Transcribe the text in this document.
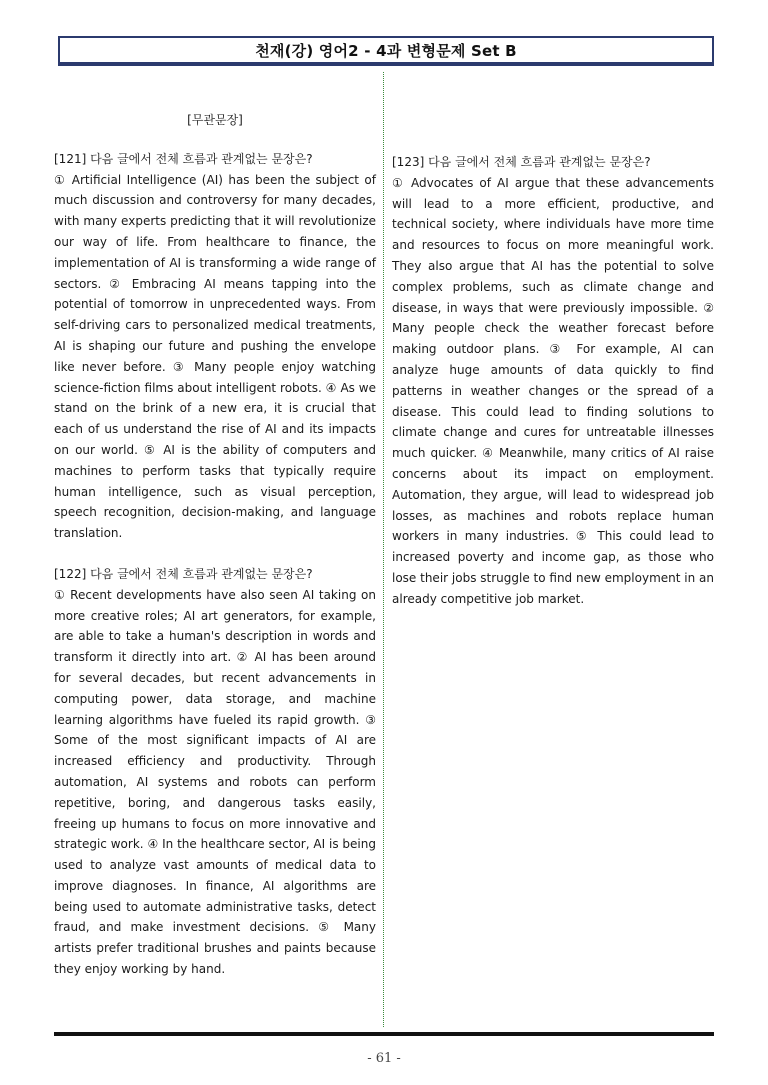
천재(강) 영어2 - 4과 변형문제 Set B
[무관문장]
[121] 다음 글에서 전체 흐름과 관계없는 문장은?
① Artificial Intelligence (AI) has been the subject of much discussion and controversy for many decades, with many experts predicting that it will revolutionize our way of life. From healthcare to finance, the implementation of AI is transforming a wide range of sectors. ② Embracing AI means tapping into the potential of tomorrow in unprecedented ways. From self-driving cars to personalized medical treatments, AI is shaping our future and pushing the envelope like never before. ③ Many people enjoy watching science-fiction films about intelligent robots. ④ As we stand on the brink of a new era, it is crucial that each of us understand the rise of AI and its impacts on our world. ⑤ AI is the ability of computers and machines to perform tasks that typically require human intelligence, such as visual perception, speech recognition, decision-making, and language translation.
[122] 다음 글에서 전체 흐름과 관계없는 문장은?
① Recent developments have also seen AI taking on more creative roles; AI art generators, for example, are able to take a human's description in words and transform it directly into art. ② AI has been around for several decades, but recent advancements in computing power, data storage, and machine learning algorithms have fueled its rapid growth. ③ Some of the most significant impacts of AI are increased efficiency and productivity. Through automation, AI systems and robots can perform repetitive, boring, and dangerous tasks easily, freeing up humans to focus on more innovative and strategic work. ④ In the healthcare sector, AI is being used to analyze vast amounts of medical data to improve diagnoses. In finance, AI algorithms are being used to automate administrative tasks, detect fraud, and make investment decisions. ⑤ Many artists prefer traditional brushes and paints because they enjoy working by hand.
[123] 다음 글에서 전체 흐름과 관계없는 문장은?
① Advocates of AI argue that these advancements will lead to a more efficient, productive, and technical society, where individuals have more time and resources to focus on more meaningful work. They also argue that AI has the potential to solve complex problems, such as climate change and disease, in ways that were previously impossible. ② Many people check the weather forecast before making outdoor plans. ③ For example, AI can analyze huge amounts of data quickly to find patterns in weather changes or the spread of a disease. This could lead to finding solutions to climate change and cures for untreatable illnesses much quicker. ④ Meanwhile, many critics of AI raise concerns about its impact on employment. Automation, they argue, will lead to widespread job losses, as machines and robots replace human workers in many industries. ⑤ This could lead to increased poverty and income gap, as those who lose their jobs struggle to find new employment in an already competitive job market.
- 61 -
